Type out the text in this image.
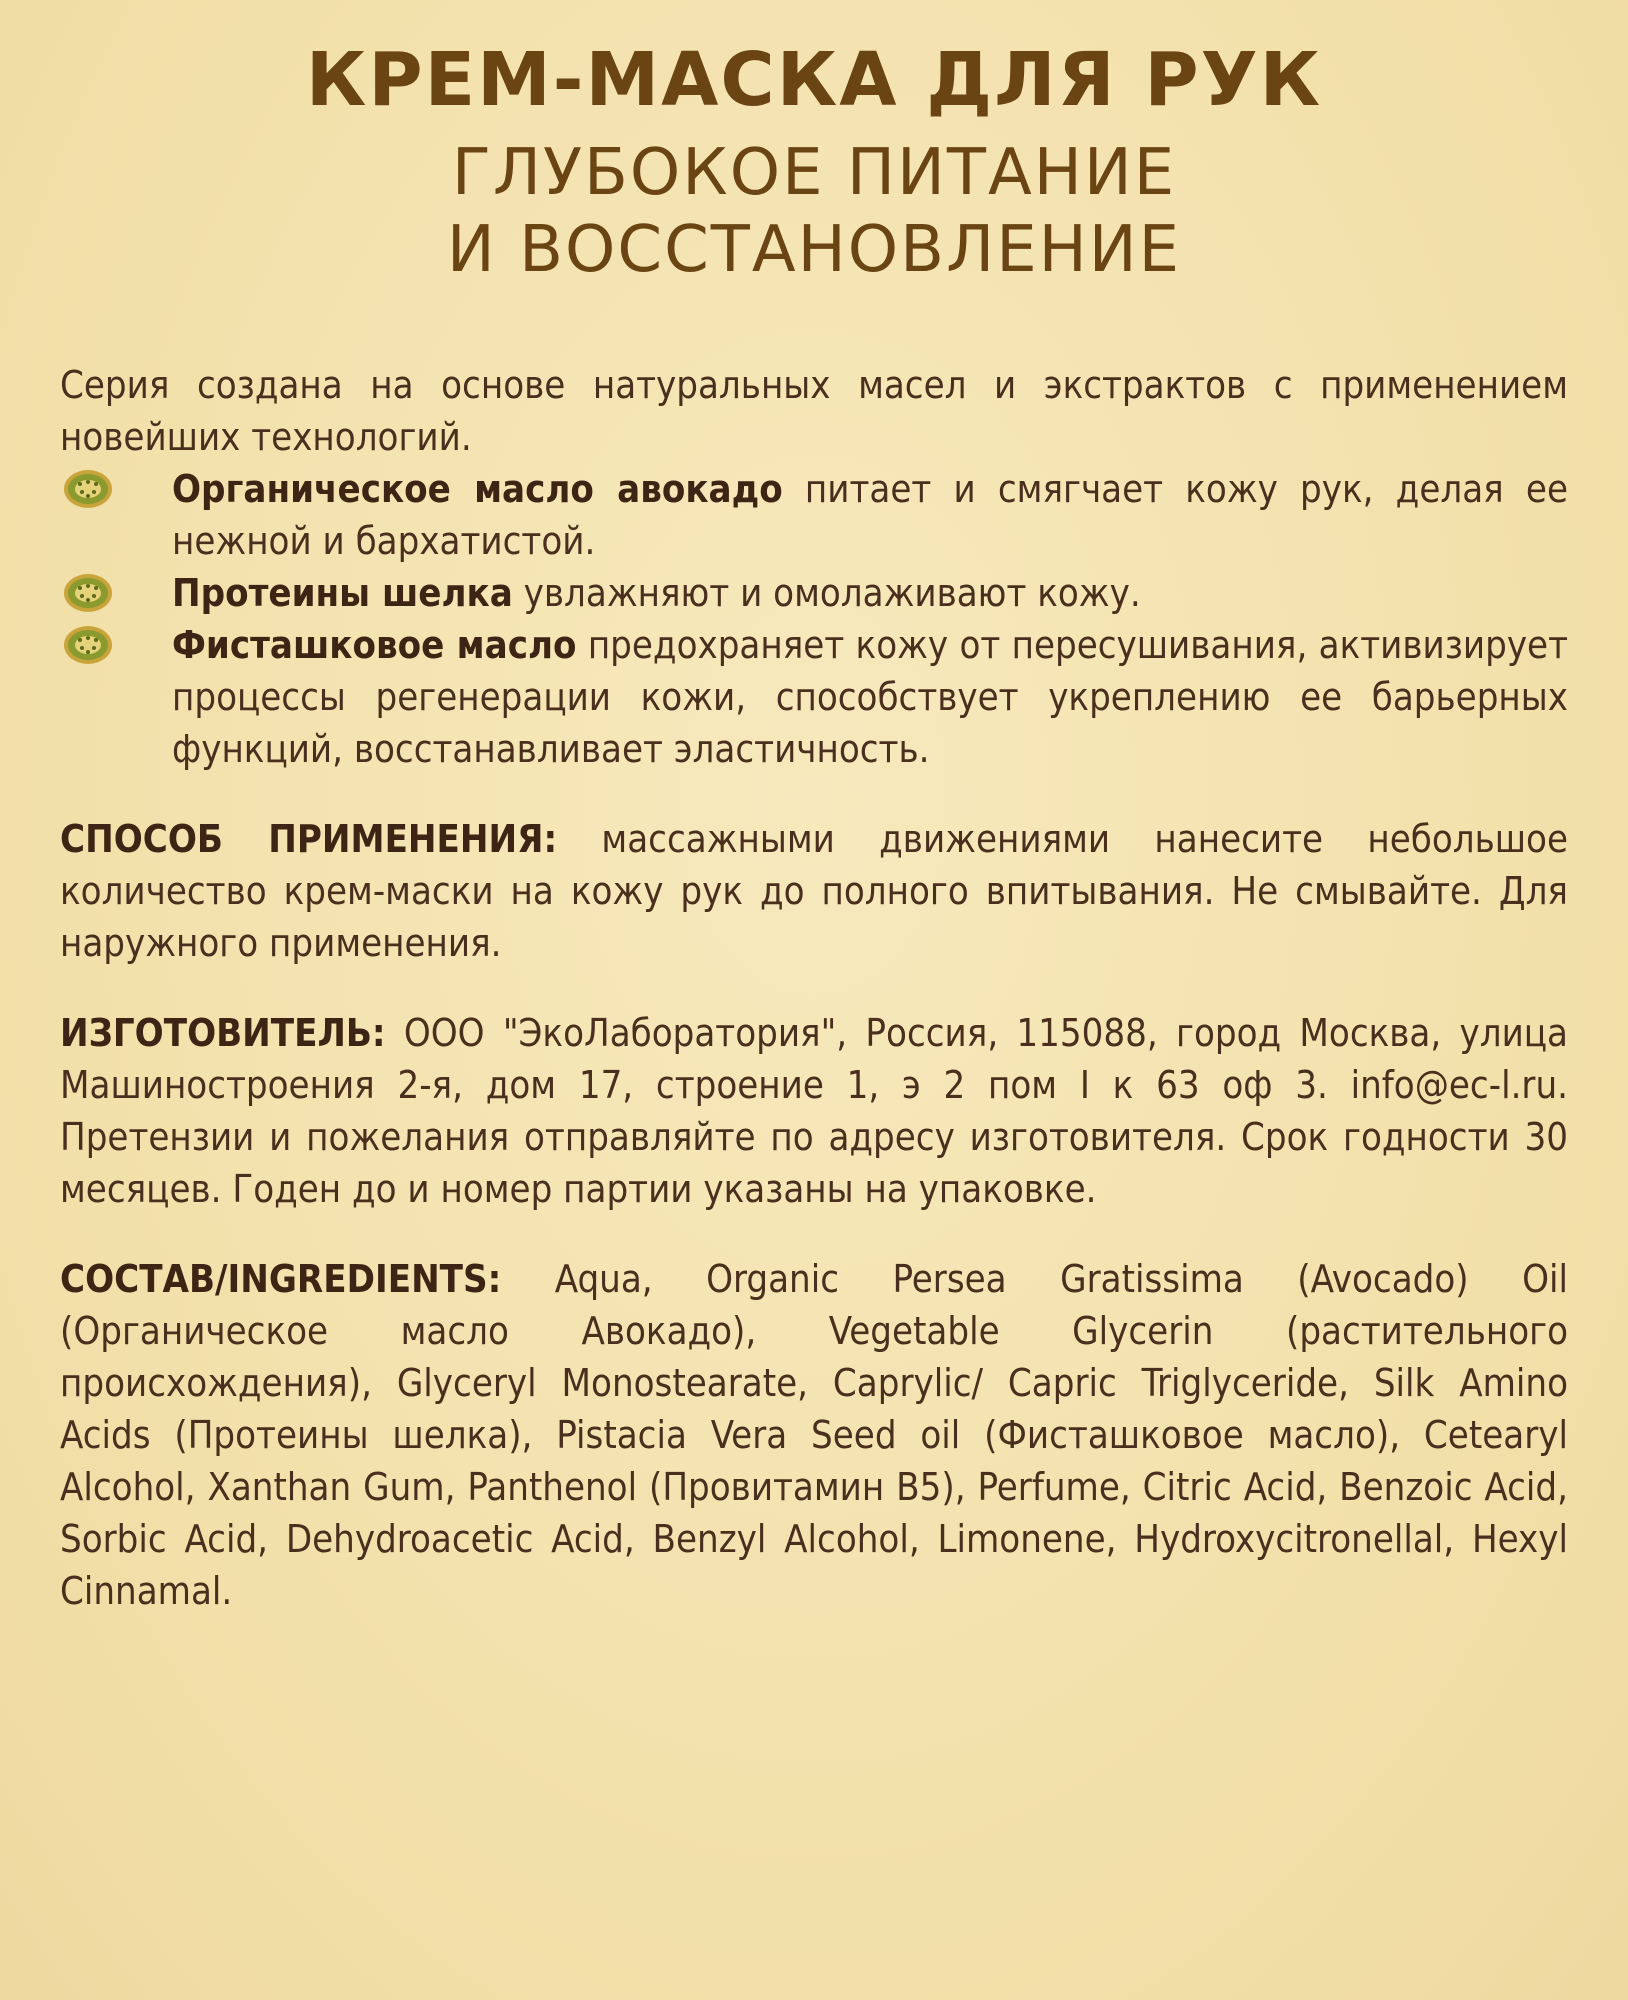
КРЕМ-МАСКА ДЛЯ РУК
ГЛУБОКОЕ ПИТАНИЕ
И ВОССТАНОВЛЕНИЕ
Серия создана на основе натуральных масел и экстрактов с применением новейших технологий.
Органическое масло авокадо питает и смягчает кожу рук, делая ее нежной и бархатистой.
Протеины шелка увлажняют и омолаживают кожу.
Фисташковое масло предохраняет кожу от пересушивания, активизирует процессы регенерации кожи, способствует укреплению ее барьерных функций, восстанавливает эластичность.
СПОСОБ ПРИМЕНЕНИЯ: массажными движениями нанесите небольшое количество крем-маски на кожу рук до полного впитывания. Не смывайте. Для наружного применения.
ИЗГОТОВИТЕЛЬ: ООО "ЭкоЛаборатория", Россия, 115088, город Москва, улица Машиностроения 2-я, дом 17, строение 1, э 2 пом I к 63 оф 3. info@ec-l.ru. Претензии и пожелания отправляйте по адресу изготовителя. Срок годности 30 месяцев. Годен до и номер партии указаны на упаковке.
СОСТАВ/INGREDIENTS: Aqua, Organic Persea Gratissima (Avocado) Oil (Органическое масло Авокадо), Vegetable Glycerin (растительного происхождения), Glyceryl Monostearate, Caprylic/ Capric Triglyceride, Silk Amino Acids (Протеины шелка), Pistacia Vera Seed oil (Фисташковое масло), Cetearyl Alcohol, Xanthan Gum, Panthenol (Провитамин B5), Perfume, Citric Acid, Benzoic Acid, Sorbic Acid, Dehydroacetic Acid, Benzyl Alcohol, Limonene, Hydroxycitronellal, Hexyl Cinnamal.
